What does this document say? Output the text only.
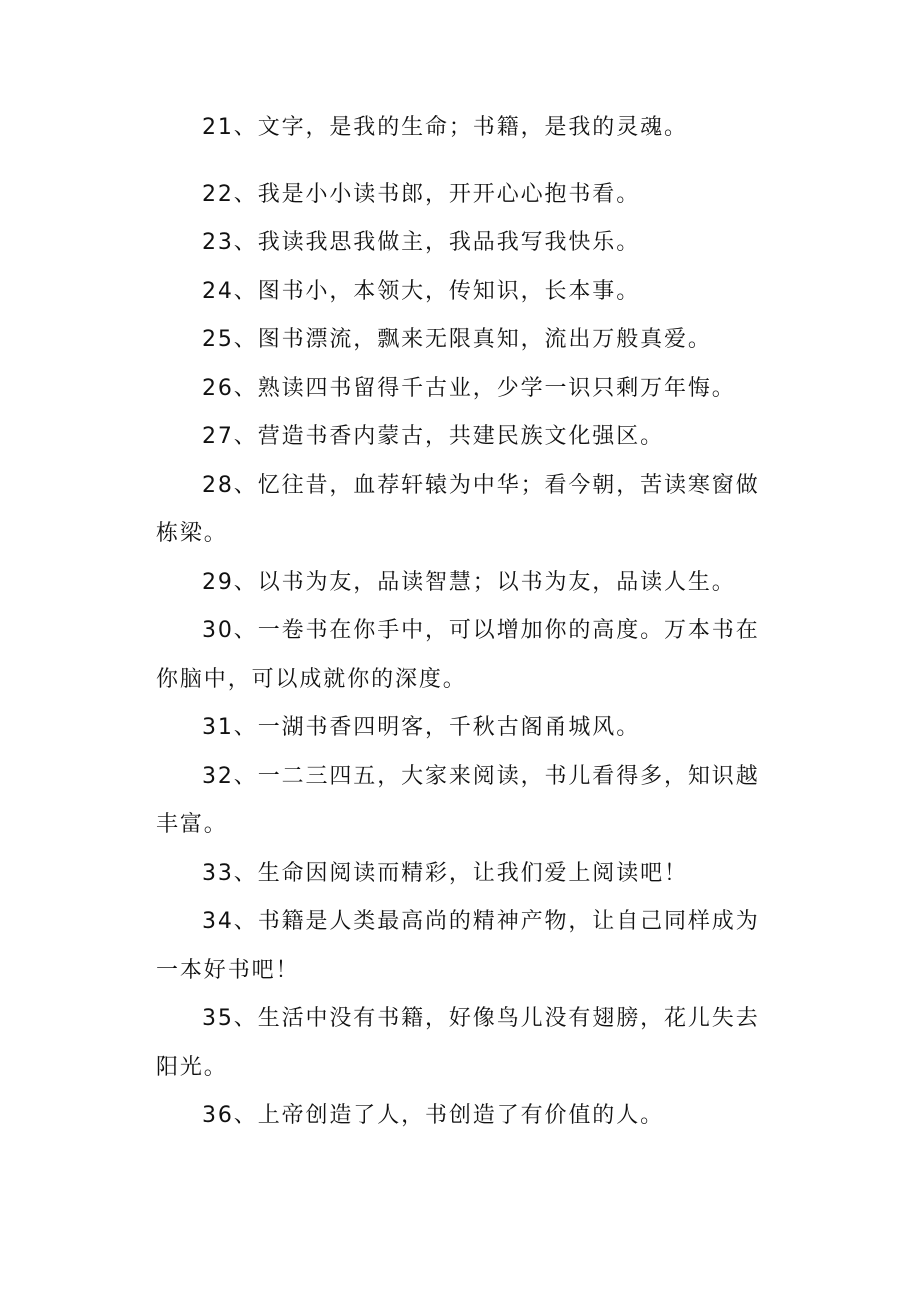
21、文字，是我的生命；书籍，是我的灵魂。

22、我是小小读书郎，开开心心抱书看。

23、我读我思我做主，我品我写我快乐。

24、图书小，本领大，传知识，长本事。

25、图书漂流，飘来无限真知，流出万般真爱。

26、熟读四书留得千古业，少学一识只剩万年悔。

27、营造书香内蒙古，共建民族文化强区。

28、忆往昔，血荐轩辕为中华；看今朝，苦读寒窗做栋梁。

29、以书为友，品读智慧；以书为友，品读人生。

30、一卷书在你手中，可以增加你的高度。万本书在你脑中，可以成就你的深度。

31、一湖书香四明客，千秋古阁甬城风。

32、一二三四五，大家来阅读，书儿看得多，知识越丰富。

33、生命因阅读而精彩，让我们爱上阅读吧！

34、书籍是人类最高尚的精神产物，让自己同样成为一本好书吧！

35、生活中没有书籍，好像鸟儿没有翅膀，花儿失去阳光。

36、上帝创造了人，书创造了有价值的人。
